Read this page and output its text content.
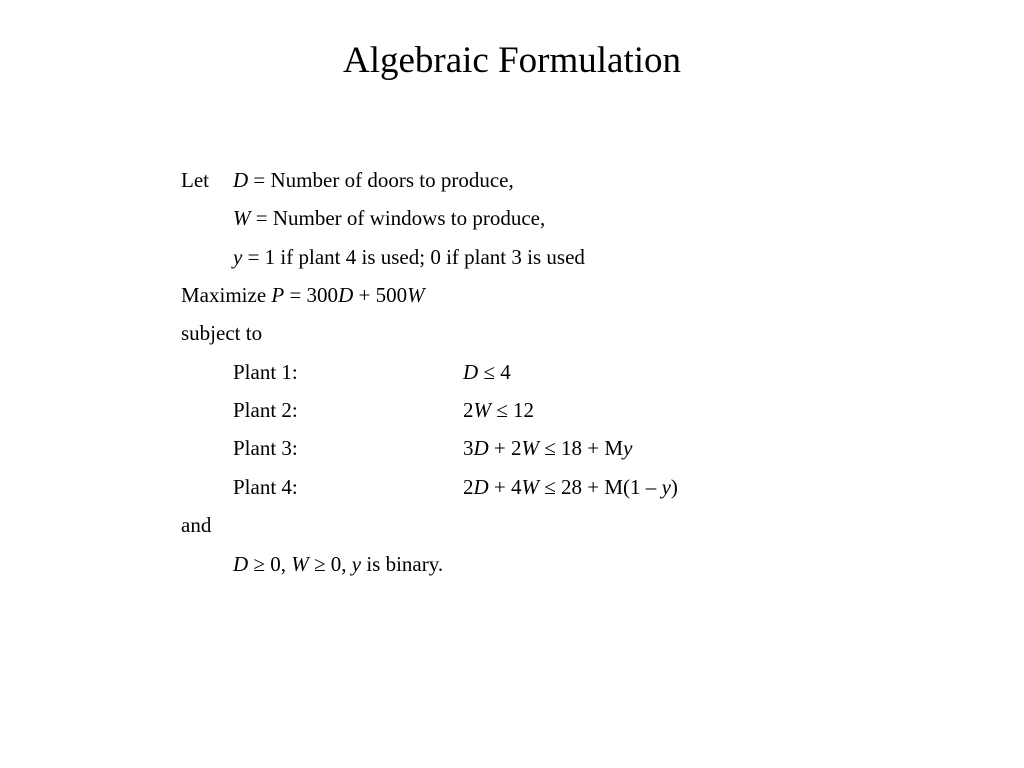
Algebraic Formulation
Let D = Number of doors to produce,
W = Number of windows to produce,
y = 1 if plant 4 is used; 0 if plant 3 is used
Maximize P = 300D + 500W
subject to
Plant 1:	D ≤ 4
Plant 2:	2W ≤ 12
Plant 3:	3D + 2W ≤ 18 + My
Plant 4:	2D + 4W ≤ 28 + M(1 – y)
and
D ≥ 0, W ≥ 0, y is binary.
